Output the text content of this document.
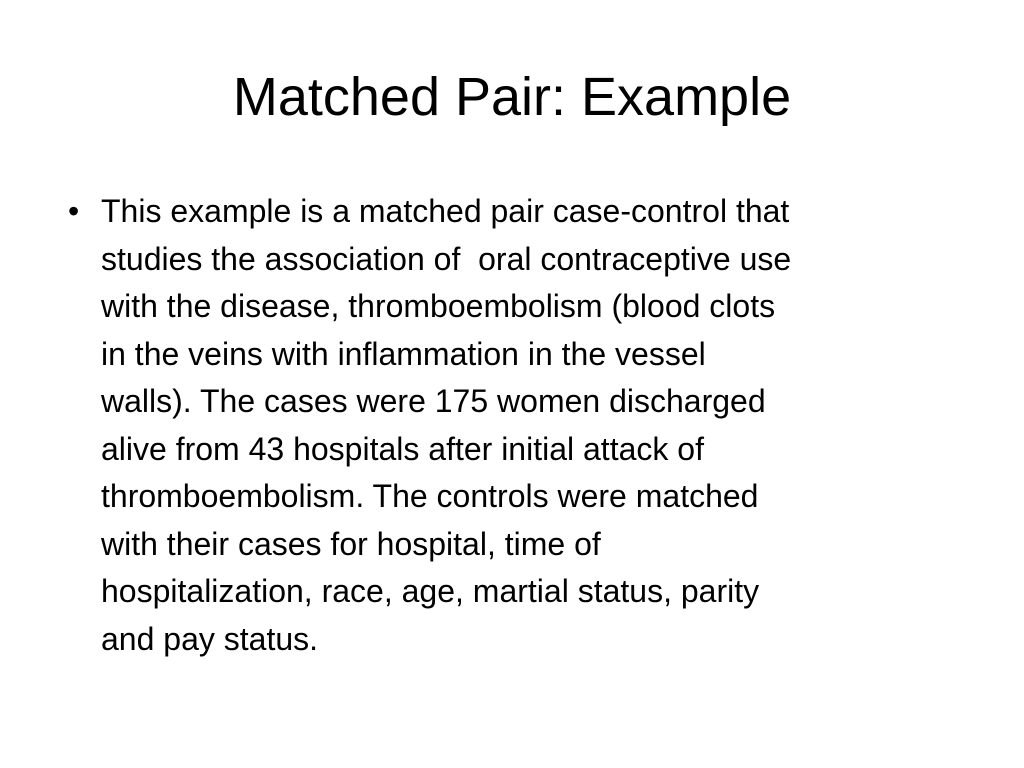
Matched Pair: Example
• This example is a matched pair case-control that
studies the association of  oral contraceptive use
with the disease, thromboembolism (blood clots
in the veins with inflammation in the vessel
walls). The cases were 175 women discharged
alive from 43 hospitals after initial attack of
thromboembolism. The controls were matched
with their cases for hospital, time of
hospitalization, race, age, martial status, parity
and pay status.
